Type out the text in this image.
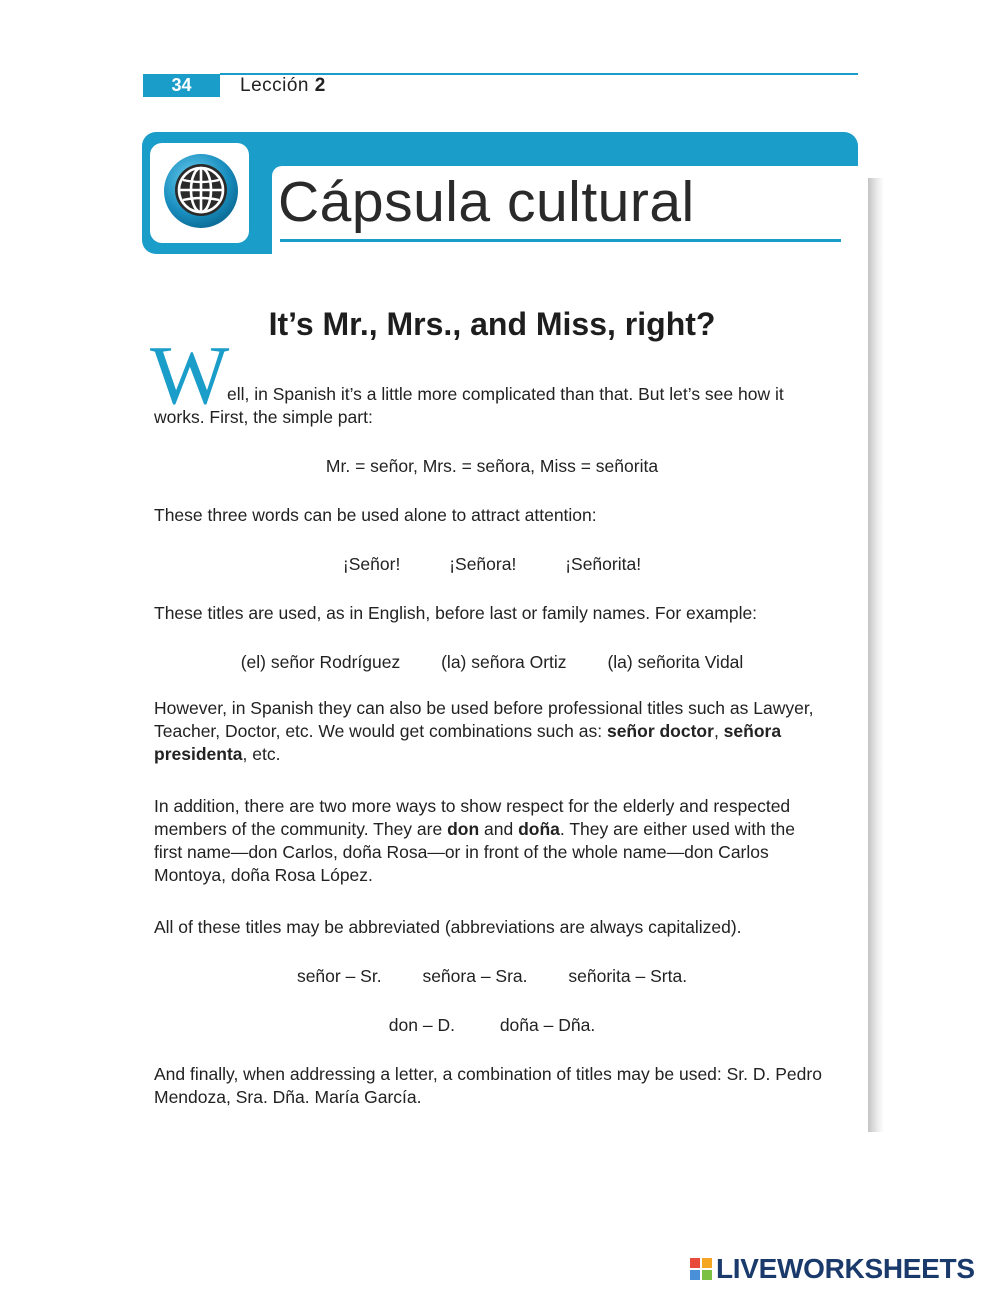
34	Lección 2
Cápsula cultural
It’s Mr., Mrs., and Miss, right?
W
ell, in Spanish it’s a little more complicated than that. But let’s see how it
works. First, the simple part:
Mr. = señor, Mrs. = señora, Miss = señorita
These three words can be used alone to attract attention:
¡Señor!	¡Señora!	¡Señorita!
These titles are used, as in English, before last or family names. For example:
(el) señor Rodríguez (la) señora Ortiz (la) señorita Vidal
However, in Spanish they can also be used before professional titles such as Lawyer, Teacher, Doctor, etc. We would get combinations such as: señor doctor, señora presidenta, etc.
In addition, there are two more ways to show respect for the elderly and respected members of the community. They are don and doña. They are either used with the first name—don Carlos, doña Rosa—or in front of the whole name—don Carlos Montoya, doña Rosa López.
All of these titles may be abbreviated (abbreviations are always capitalized).
señor – Sr. señora – Sra. señorita – Srta.
don – D.	doña – Dña.
And finally, when addressing a letter, a combination of titles may be used: Sr. D. Pedro Mendoza, Sra. Dña. María García.
LIVEWORKSHEETS
